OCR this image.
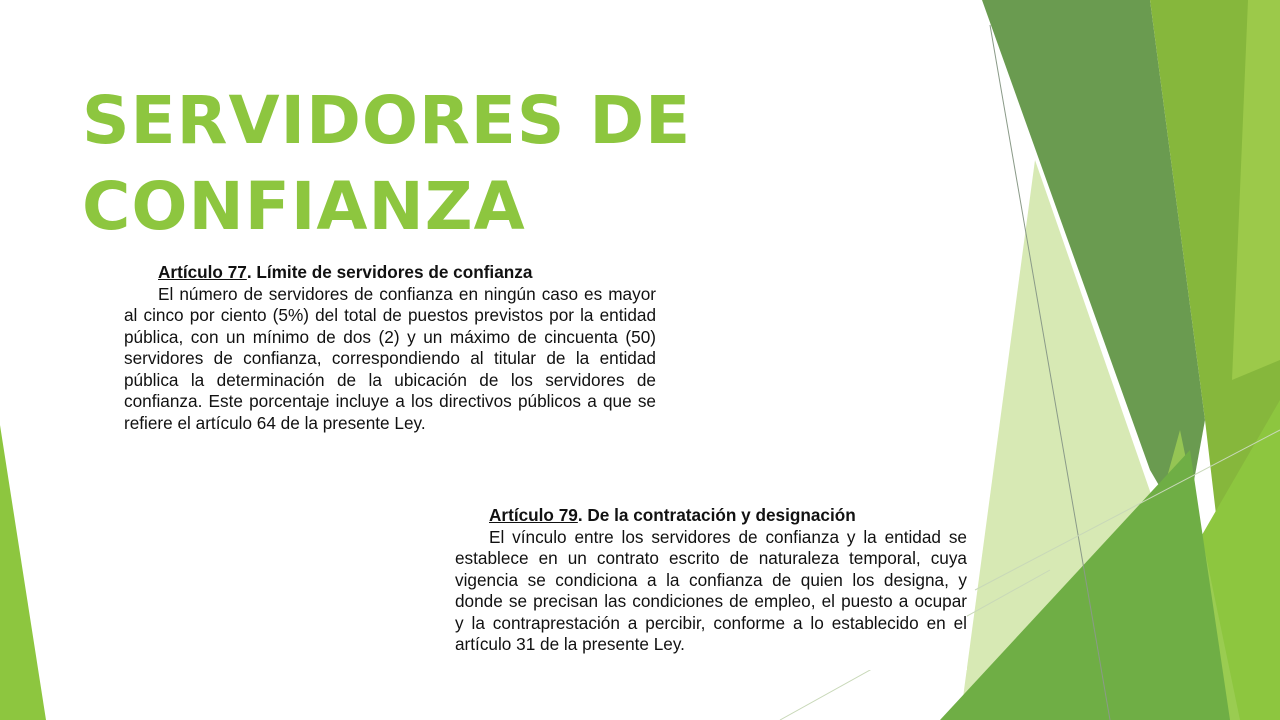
SERVIDORES DE
CONFIANZA

Artículo 77. Límite de servidores de confianza

El número de servidores de confianza en ningún caso es mayor al cinco por ciento (5%) del total de puestos previstos por la entidad pública, con un mínimo de dos (2) y un máximo de cincuenta (50) servidores de confianza, correspondiendo al titular de la entidad pública la determinación de la ubicación de los servidores de confianza. Este porcentaje incluye a los directivos públicos a que se refiere el artículo 64 de la presente Ley.

Artículo 79. De la contratación y designación

El vínculo entre los servidores de confianza y la entidad se establece en un contrato escrito de naturaleza temporal, cuya vigencia se condiciona a la confianza de quien los designa, y donde se precisan las condiciones de empleo, el puesto a ocupar y la contraprestación a percibir, conforme a lo establecido en el artículo 31 de la presente Ley.
